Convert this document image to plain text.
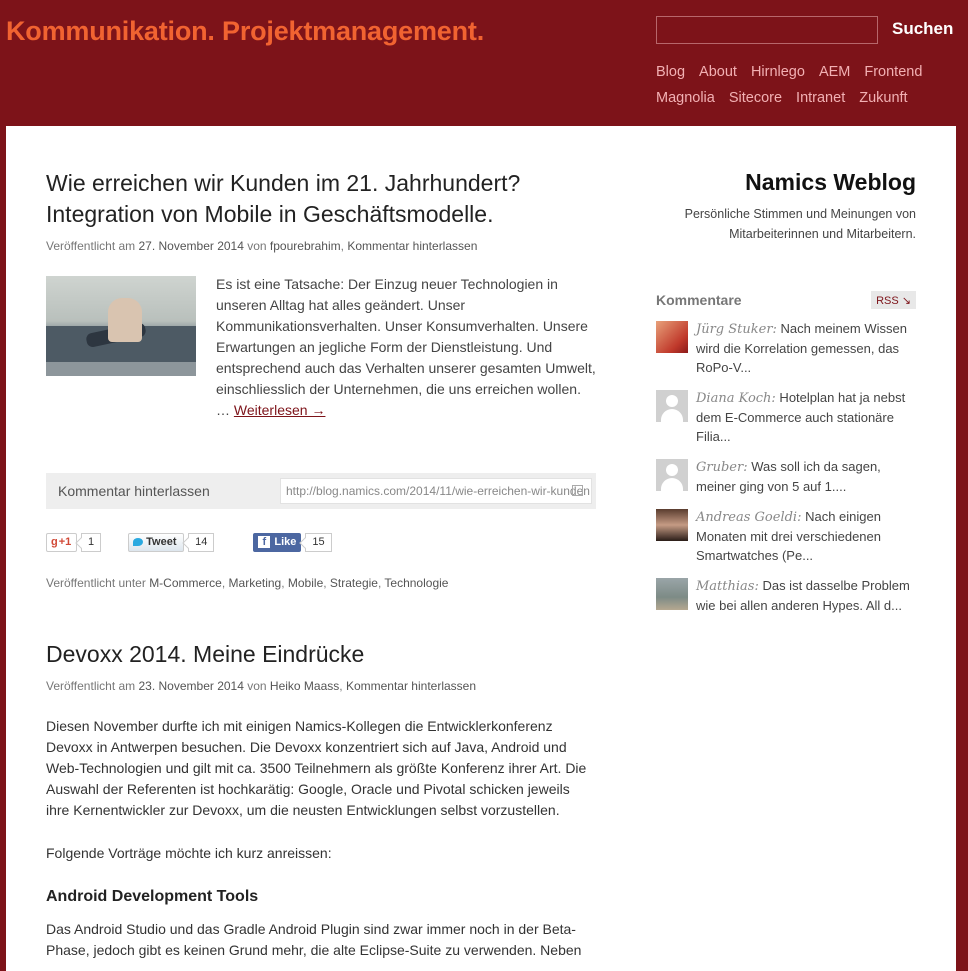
Kommunikation. Projektmanagement.	Suchen
Blog About Hirnlego AEM Frontend
Magnolia Sitecore Intranet Zukunft
Wie erreichen wir Kunden im 21. Jahrhundert? Integration von Mobile in Geschäftsmodelle.
Veröffentlicht am 27. November 2014 von fpourebrahim, Kommentar hinterlassen
Es ist eine Tatsache: Der Einzug neuer Technologien in unseren Alltag hat alles geändert. Unser Kommunikationsverhalten. Unser Konsumverhalten. Unsere Erwartungen an jegliche Form der Dienstleistung. Und entsprechend auch das Verhalten unserer gesamten Umwelt, einschliesslich der Unternehmen, die uns erreichen wollen. … Weiterlesen →
Kommentar hinterlassen	http://blog.namics.com/2014/11/wie-erreichen-wir-kunden
g +1	1	Tweet	14	f Like	15
Veröffentlicht unter M-Commerce, Marketing, Mobile, Strategie, Technologie
Devoxx 2014. Meine Eindrücke
Veröffentlicht am 23. November 2014 von Heiko Maass, Kommentar hinterlassen

Diesen November durfte ich mit einigen Namics-Kollegen die Entwicklerkonferenz Devoxx in Antwerpen besuchen. Die Devoxx konzentriert sich auf Java, Android und Web-Technologien und gilt mit ca. 3500 Teilnehmern als größte Konferenz ihrer Art. Die Auswahl der Referenten ist hochkarätig: Google, Oracle und Pivotal schicken jeweils ihre Kernentwickler zur Devoxx, um die neusten Entwicklungen selbst vorzustellen.

Folgende Vorträge möchte ich kurz anreissen:

Android Development Tools

Das Android Studio und das Gradle Android Plugin sind zwar immer noch in der Beta-Phase, jedoch gibt es keinen Grund mehr, die alte Eclipse-Suite zu verwenden. Neben

Namics Weblog
Persönliche Stimmen und Meinungen von Mitarbeiterinnen und Mitarbeitern.
Kommentare	RSS ↘
Jürg Stuker: Nach meinem Wissen wird die Korrelation gemessen, das RoPo-V...
Diana Koch: Hotelplan hat ja nebst dem E-Commerce auch stationäre Filia...
Gruber: Was soll ich da sagen, meiner ging von 5 auf 1....
Andreas Goeldi: Nach einigen Monaten mit drei verschiedenen Smartwatches (Pe...
Matthias: Das ist dasselbe Problem wie bei allen anderen Hypes. All d...
